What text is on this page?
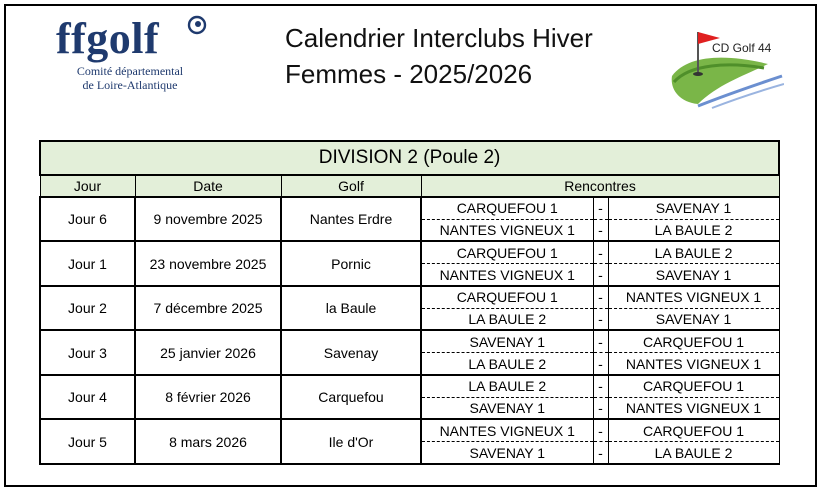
ffgolf
Comité départemental
de Loire-Atlantique
Calendrier Interclubs Hiver
Femmes - 2025/2026
CD Golf 44
DIVISION 2 (Poule 2)					
Jour	Date	Golf	Rencontres		
Jour 6	9 novembre 2025	Nantes Erdre	CARQUEFOU 1	-	SAVENAY 1
			NANTES VIGNEUX 1	-	LA BAULE 2
Jour 1	23 novembre 2025	Pornic	CARQUEFOU 1	-	LA BAULE 2
			NANTES VIGNEUX 1	-	SAVENAY 1
Jour 2	7 décembre 2025	la Baule	CARQUEFOU 1	-	NANTES VIGNEUX 1
			LA BAULE 2	-	SAVENAY 1
Jour 3	25 janvier 2026	Savenay	SAVENAY 1	-	CARQUEFOU 1
			LA BAULE 2	-	NANTES VIGNEUX 1
Jour 4	8 février 2026	Carquefou	LA BAULE 2	-	CARQUEFOU 1
			SAVENAY 1	-	NANTES VIGNEUX 1
Jour 5	8 mars 2026	Ile d'Or	NANTES VIGNEUX 1	-	CARQUEFOU 1
			SAVENAY 1	-	LA BAULE 2
